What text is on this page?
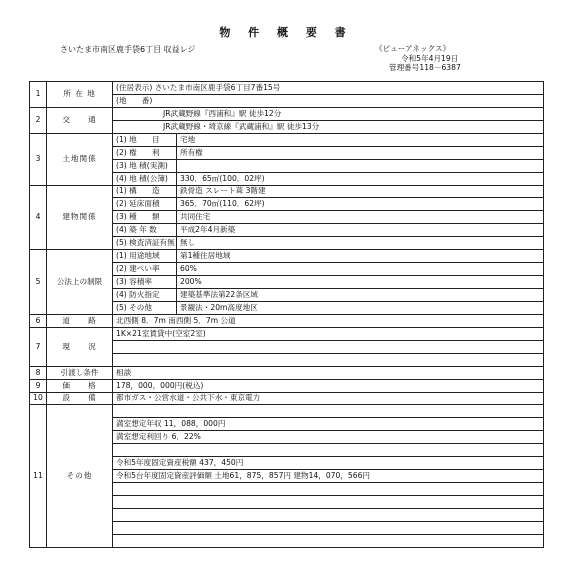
物 件 概 要 書
さいたま市南区鹿手袋6丁目 収益レジ	《ビューアネックス》
令和5年4月19日
管理番号118－6387
1	所 在 地	(住居表示) さいたま市南区鹿手袋6丁目7番15号	
		(地　　番)	
2	交　　通	JR武蔵野線『西浦和』駅 徒歩12分	
		JR武蔵野線・埼京線『武蔵浦和』駅 徒歩13分	
3	土地関係	(1) 地　　目	宅地
		(2) 権　　利	所有権
		(3) 地 積(実測)	
		(4) 地 積(公簿)	330．65㎡(100．02坪)
4	建物関係	(1) 構　　造	鉄骨造 スレート葺 3階建
		(2) 延床面積	365．70㎡(110．62坪)
		(3) 種　　類	共同住宅
		(4) 築 年 数	平成2年4月新築
		(5) 検査済証有無	無し
5	公法上の制限	(1) 用途地域	第1種住居地域
		(2) 建ぺい率	60%
		(3) 容積率	200%
		(4) 防火指定	建築基準法第22条区域
		(5) その他	景観法・20m高度地区
6	道　　路	北西側 8．7m 南西側 5．7m 公道	
7	現　　況	1K×21室賃貸中(空室2室)	

8	引渡し条件	相談	
9	価　　格	178，000，000円(税込)	
10	設　　備	都市ガス・公営水道・公共下水・東京電力	
11	その他		
		満室想定年収 11，088，000円	
		満室想定利回り 6．22%	

		令和5年度固定資産税額 437，450円	
		令和5台年度固定資産評価額 土地61，875，857円 建物14，070，566円	
